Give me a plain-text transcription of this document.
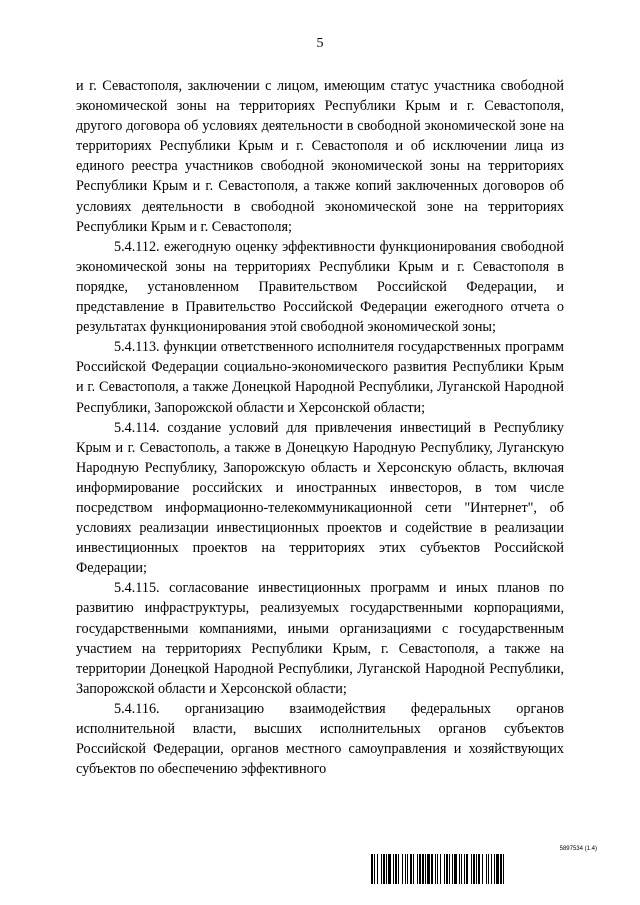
5

и г. Севастополя, заключении с лицом, имеющим статус участника свободной экономической зоны на территориях Республики Крым и г. Севастополя, другого договора об условиях деятельности в свободной экономической зоне на территориях Республики Крым и г. Севастополя и об исключении лица из единого реестра участников свободной экономической зоны на территориях Республики Крым и г. Севастополя, а также копий заключенных договоров об условиях деятельности в свободной экономической зоне на территориях Республики Крым и г. Севастополя;

5.4.112. ежегодную оценку эффективности функционирования свободной экономической зоны на территориях Республики Крым и г. Севастополя в порядке, установленном Правительством Российской Федерации, и представление в Правительство Российской Федерации ежегодного отчета о результатах функционирования этой свободной экономической зоны;

5.4.113. функции ответственного исполнителя государственных программ Российской Федерации социально-экономического развития Республики Крым и г. Севастополя, а также Донецкой Народной Республики, Луганской Народной Республики, Запорожской области и Херсонской области;

5.4.114. создание условий для привлечения инвестиций в Республику Крым и г. Севастополь, а также в Донецкую Народную Республику, Луганскую Народную Республику, Запорожскую область и Херсонскую область, включая информирование российских и иностранных инвесторов, в том числе посредством информационно-телекоммуникационной сети "Интернет", об условиях реализации инвестиционных проектов и содействие в реализации инвестиционных проектов на территориях этих субъектов Российской Федерации;

5.4.115. согласование инвестиционных программ и иных планов по развитию инфраструктуры, реализуемых государственными корпорациями, государственными компаниями, иными организациями с государственным участием на территориях Республики Крым, г. Севастополя, а также на территории Донецкой Народной Республики, Луганской Народной Республики, Запорожской области и Херсонской области;

5.4.116. организацию взаимодействия федеральных органов исполнительной власти, высших исполнительных органов субъектов Российской Федерации, органов местного самоуправления и хозяйствующих субъектов по обеспечению эффективного

5897534 (1.4)
